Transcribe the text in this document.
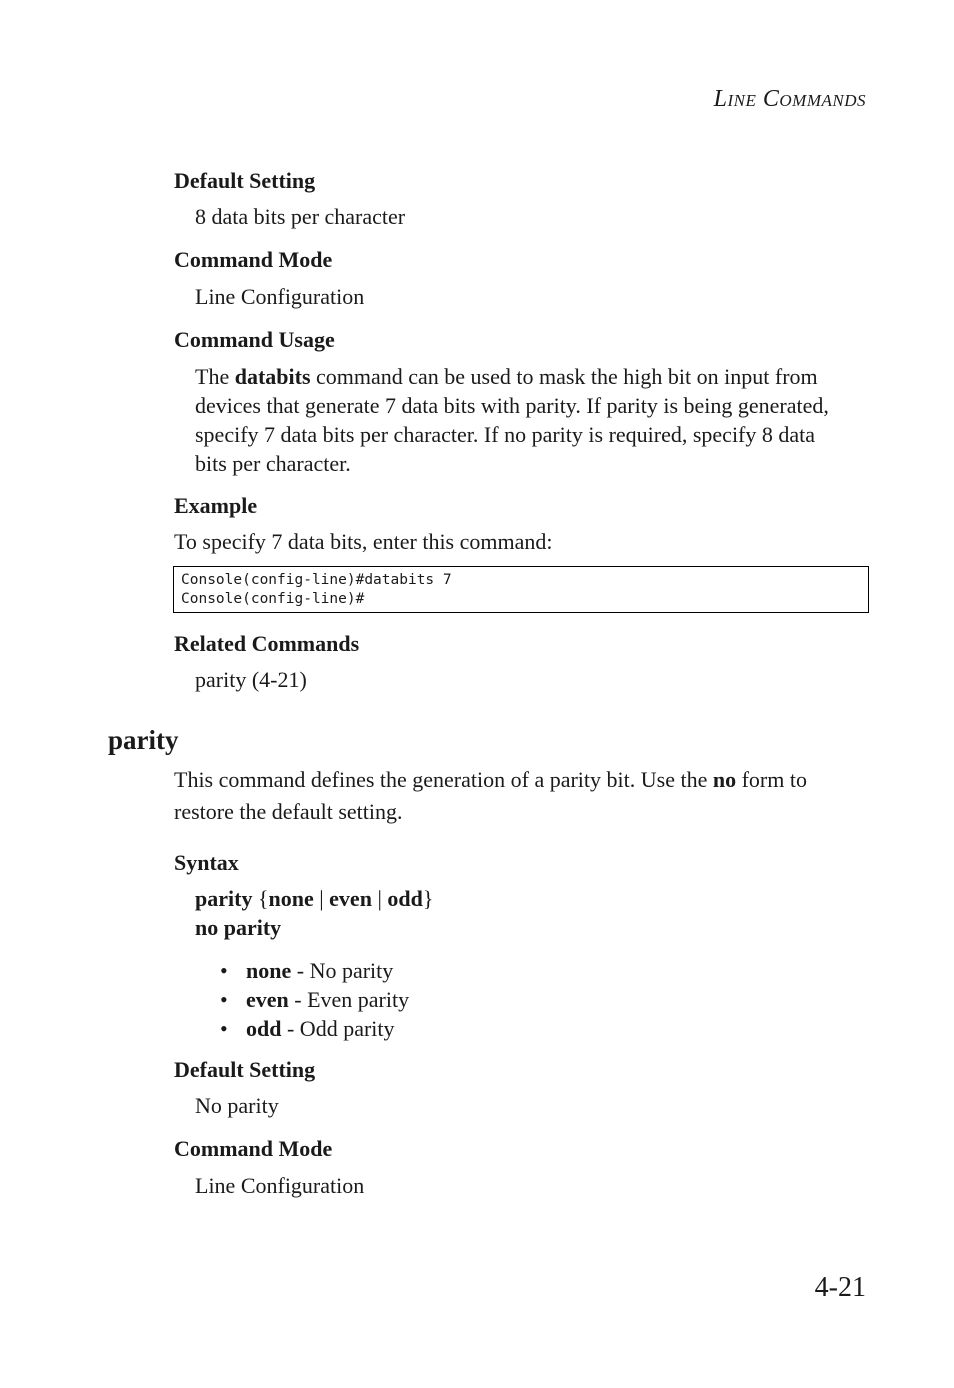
Line Commands
Default Setting
8 data bits per character
Command Mode
Line Configuration
Command Usage
The databits command can be used to mask the high bit on input from devices that generate 7 data bits with parity. If parity is being generated, specify 7 data bits per character. If no parity is required, specify 8 data bits per character.
Example
To specify 7 data bits, enter this command:
Console(config-line)#databits 7
Console(config-line)#
Related Commands
parity (4-21)
parity
This command defines the generation of a parity bit. Use the no form to restore the default setting.
Syntax
parity {none | even | odd}
no parity
• none - No parity
• even - Even parity
• odd - Odd parity
Default Setting
No parity
Command Mode
Line Configuration
4-21
